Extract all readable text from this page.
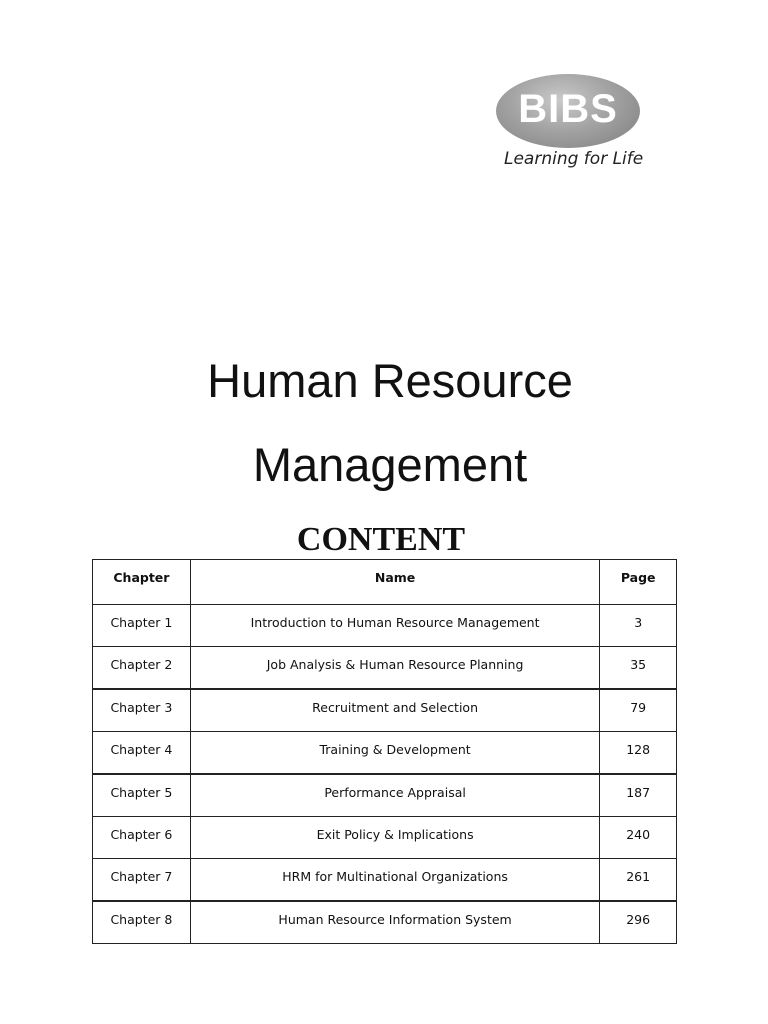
BIBS
Learning for Life
Human Resource
Management
CONTENT
Chapter	Name	Page
Chapter 1	Introduction to Human Resource Management	3
Chapter 2	Job Analysis & Human Resource Planning	35
Chapter 3	Recruitment and Selection	79
Chapter 4	Training & Development	128
Chapter 5	Performance Appraisal	187
Chapter 6	Exit Policy & Implications	240
Chapter 7	HRM for Multinational Organizations	261
Chapter 8	Human Resource Information System	296
